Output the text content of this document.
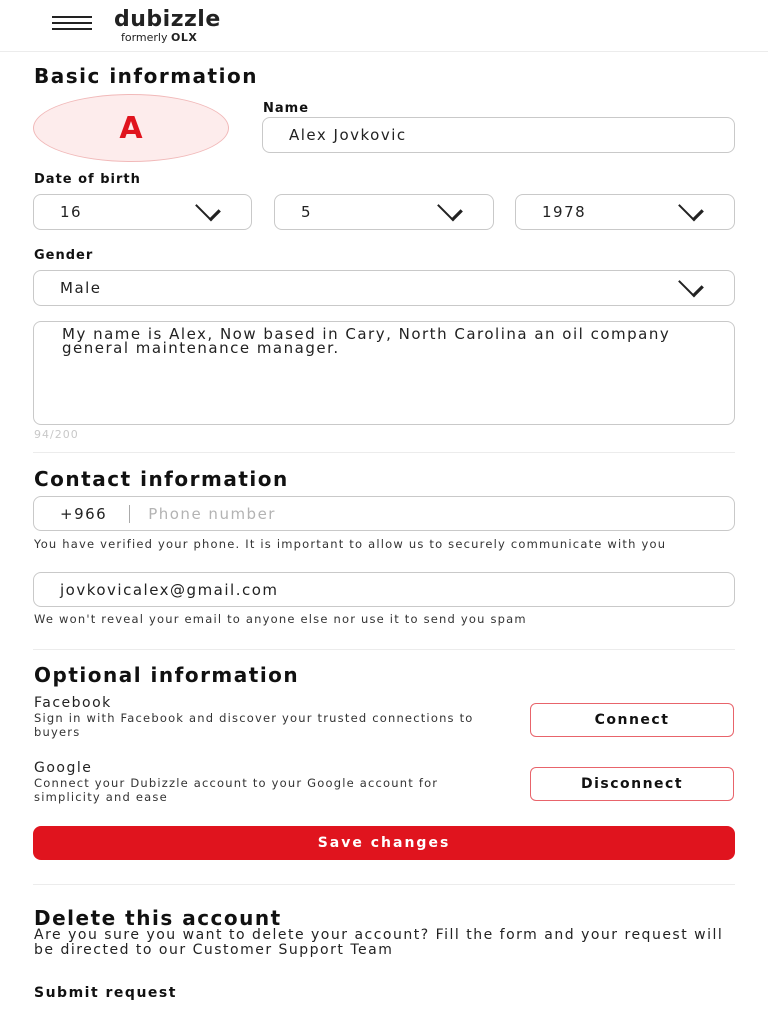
dubizzle
formerly OLX
Basic information
A
Name
Alex Jovkovic
Date of birth
16	5	1978
Gender
Male
My name is Alex, Now based in Cary, North Carolina an oil company general maintenance manager.
94/200
Contact information
+966	Phone number
You have verified your phone. It is important to allow us to securely communicate with you
jovkovicalex@gmail.com
We won't reveal your email to anyone else nor use it to send you spam
Optional information
Facebook
Sign in with Facebook and discover your trusted connections to buyers
Connect
Google
Connect your Dubizzle account to your Google account for simplicity and ease
Disconnect
Save changes
Delete this account
Are you sure you want to delete your account? Fill the form and your request will be directed to our Customer Support Team
Submit request
